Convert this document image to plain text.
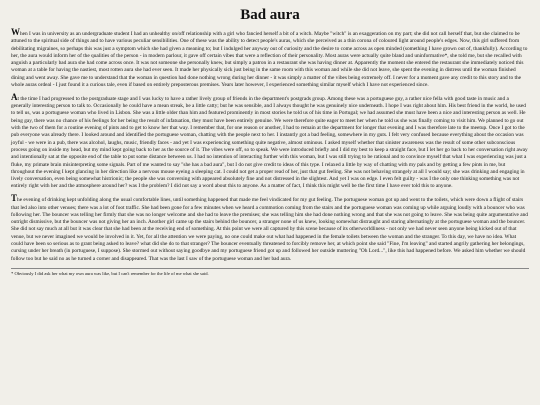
Bad aura

When I was in university as an undergraduate student I had an unhealthy on/off relationship with a girl who fancied herself a bit of a witch. Maybe "witch" is an exaggeration on my part; she did not call herself that, but she claimed to be attuned to the spiritual side of things and to have various peculiar sensibilities. One of these was the ability to detect people's auras, which she perceived as a thin corona of coloured light around people's edges. Now, this girl suffered from debilitating migraines, so perhaps this was just a symptom which she had given a meaning to; but I indulged her anyway out of curiosity and the desire to come across as open minded (something I have grown out of, thankfully). According to her, the aura would inform her of the qualities of the person - in modern parlour, it gave off certain vibes that were a reflection of their personality. Most auras were actually quite bland and uninformative*, she told me, but she recalled with anguish a particularly bad aura she had come across once. It was not someone she personally knew, but simply a patron in a restaurant she was having dinner at. Apparently the moment she entered the restaurant she immediately noticed this woman at a table for having the nastiest, most rotten aura she had ever seen. It made her physically sick just being in the same room with this woman and while she did not leave, she spent the evening in distress until the woman finished dining and went away. She gave me to understand that the woman in question had done nothing wrong during her dinner - it was simply a matter of the vibes being extremely off. I never for a moment gave any credit to this story and to the whole auras ordeal - I just found it a curious tale, even if based on entirely preposterous premises. Years later however, I experienced something similar myself which I have not experienced since.

At the time I had progressed to the postgraduate stage and I was lucky to have a rather lively group of friends in the department's postgrads group. Among these was a portuguese guy, a rather nice fella with good taste in music and a generally interesting person to talk to. Occasionally he could have a mean streak, be a little catty; but he was sensible, and I always thought he was genuinely nice underneath. I hope I was right about him. His best friend in the world, he used to tell us, was a portuguese woman who lived in Lisbon. She was a little older than him and featured prominently in most stories he told us of his time in Portugal; we had assumed she must have been a nice and interesting person as well. He being gay, there was no chance of his feelings for her being the result of infatuation, they must have been entirely genuine. We were therefore quite eager to meet her when he told us she was finally coming to visit him. We planned to go out with the two of them for a routine evening of pints and to get to know her that way. I remember that, for one reason or another, I had to remain at the department for longer that evening and I was therefore late to the meetup. Once I got to the pub everyone was already there. I looked around and identified the portuguese woman, chatting with the people next to her. I instantly got a bad feeling, somewhere in my guts. I felt very confused because everything about the occasion was joyful - we were in a pub, there was alcohol, laughs, music, friendly faces - and yet I was experiencing something quite negative, almost ominous. I asked myself whether that sinister awareness was the result of some other subconscious process going on inside my head, but my mind kept going back to her as the source of it. The vibes were off, so to speak. We were introduced briefly and I did my best to keep a straight face, but I let her go back to her conversation right away and intentionally sat at the opposite end of the table to put some distance between us. I had no intention of interacting further with this woman, but I was still trying to be rational and to convince myself that what I was experiencing was just a fluke, my primate brain misinterpreting some signals. Part of me wanted to say "she has a bad aura", but I do not give credit to ideas of this type. I relaxed a little by way of chatting with my pals and by getting a few pints in me, but throughout the evening I kept glancing in her direction like a nervous mouse eyeing a sleeping cat. I could not get a proper read of her, just that gut feeling. She was not behaving strangely at all I would say; she was drinking and engaging in lively conversation, even being somewhat histrionic; the people she was conversing with appeared absolutely fine and not distressed in the slightest. And yet I was on edge. I even felt guilty - was I the only one thinking something was not entirely right with her and the atmosphere around her? was I the problem? I did not say a word about this to anyone. As a matter of fact, I think this might well be the first time I have ever told this to anyone.

The evening of drinking kept unfolding along the usual comfortable lines, until something happened that made me feel vindicated for my gut feeling. The portuguese woman got up and went to the toilets, which were down a flight of stairs that led also into other venues; there was a lot of foot traffic. She had been gone for a few minutes when we heard a commotion coming from the stairs and the portuguese woman was coming up while arguing loudly with a bouncer who was following her. The bouncer was telling her firmly that she was no longer welcome and she had to leave the premises; she was telling him she had done nothing wrong and that she was not going to leave. She was being quite argumentative and outright dismissive, but the bouncer was not giving her an inch. Another girl came up the stairs behind the bouncer, a stranger none of us knew, looking somewhat distraught and staring alternatingly at the portuguese woman and the bouncer. She did not say much at all but it was clear that she had been at the receiving end of something. At this point we were all captured by this scene because of its otherworldliness - not only we had never seen anyone being kicked out of that venue, but we never imagined we would be involved in it. Yet, for all the attention we were paying, no one could make out what had happened in the female toilets between the woman and the stranger. To this day, we have no idea. What could have been so serious as to grant being asked to leave? what did she do to that stranger? The bouncer eventually threatened to forcibly remove her, at which point she said "Fine, I'm leaving" and started angrily gathering her belongings, cursing under her breath (in portuguese, I suppose). She stormed out without saying goodbye and my portuguese friend got up and followed her outside muttering "Oh Lord...", like this had happened before. We asked him whether we should follow too but he said no as he turned a corner and disappeared. That was the last I saw of the portuguese woman and her bad aura.

* Obviously I did ask her what my own aura was like, but I can't remember for the life of me what she said.
